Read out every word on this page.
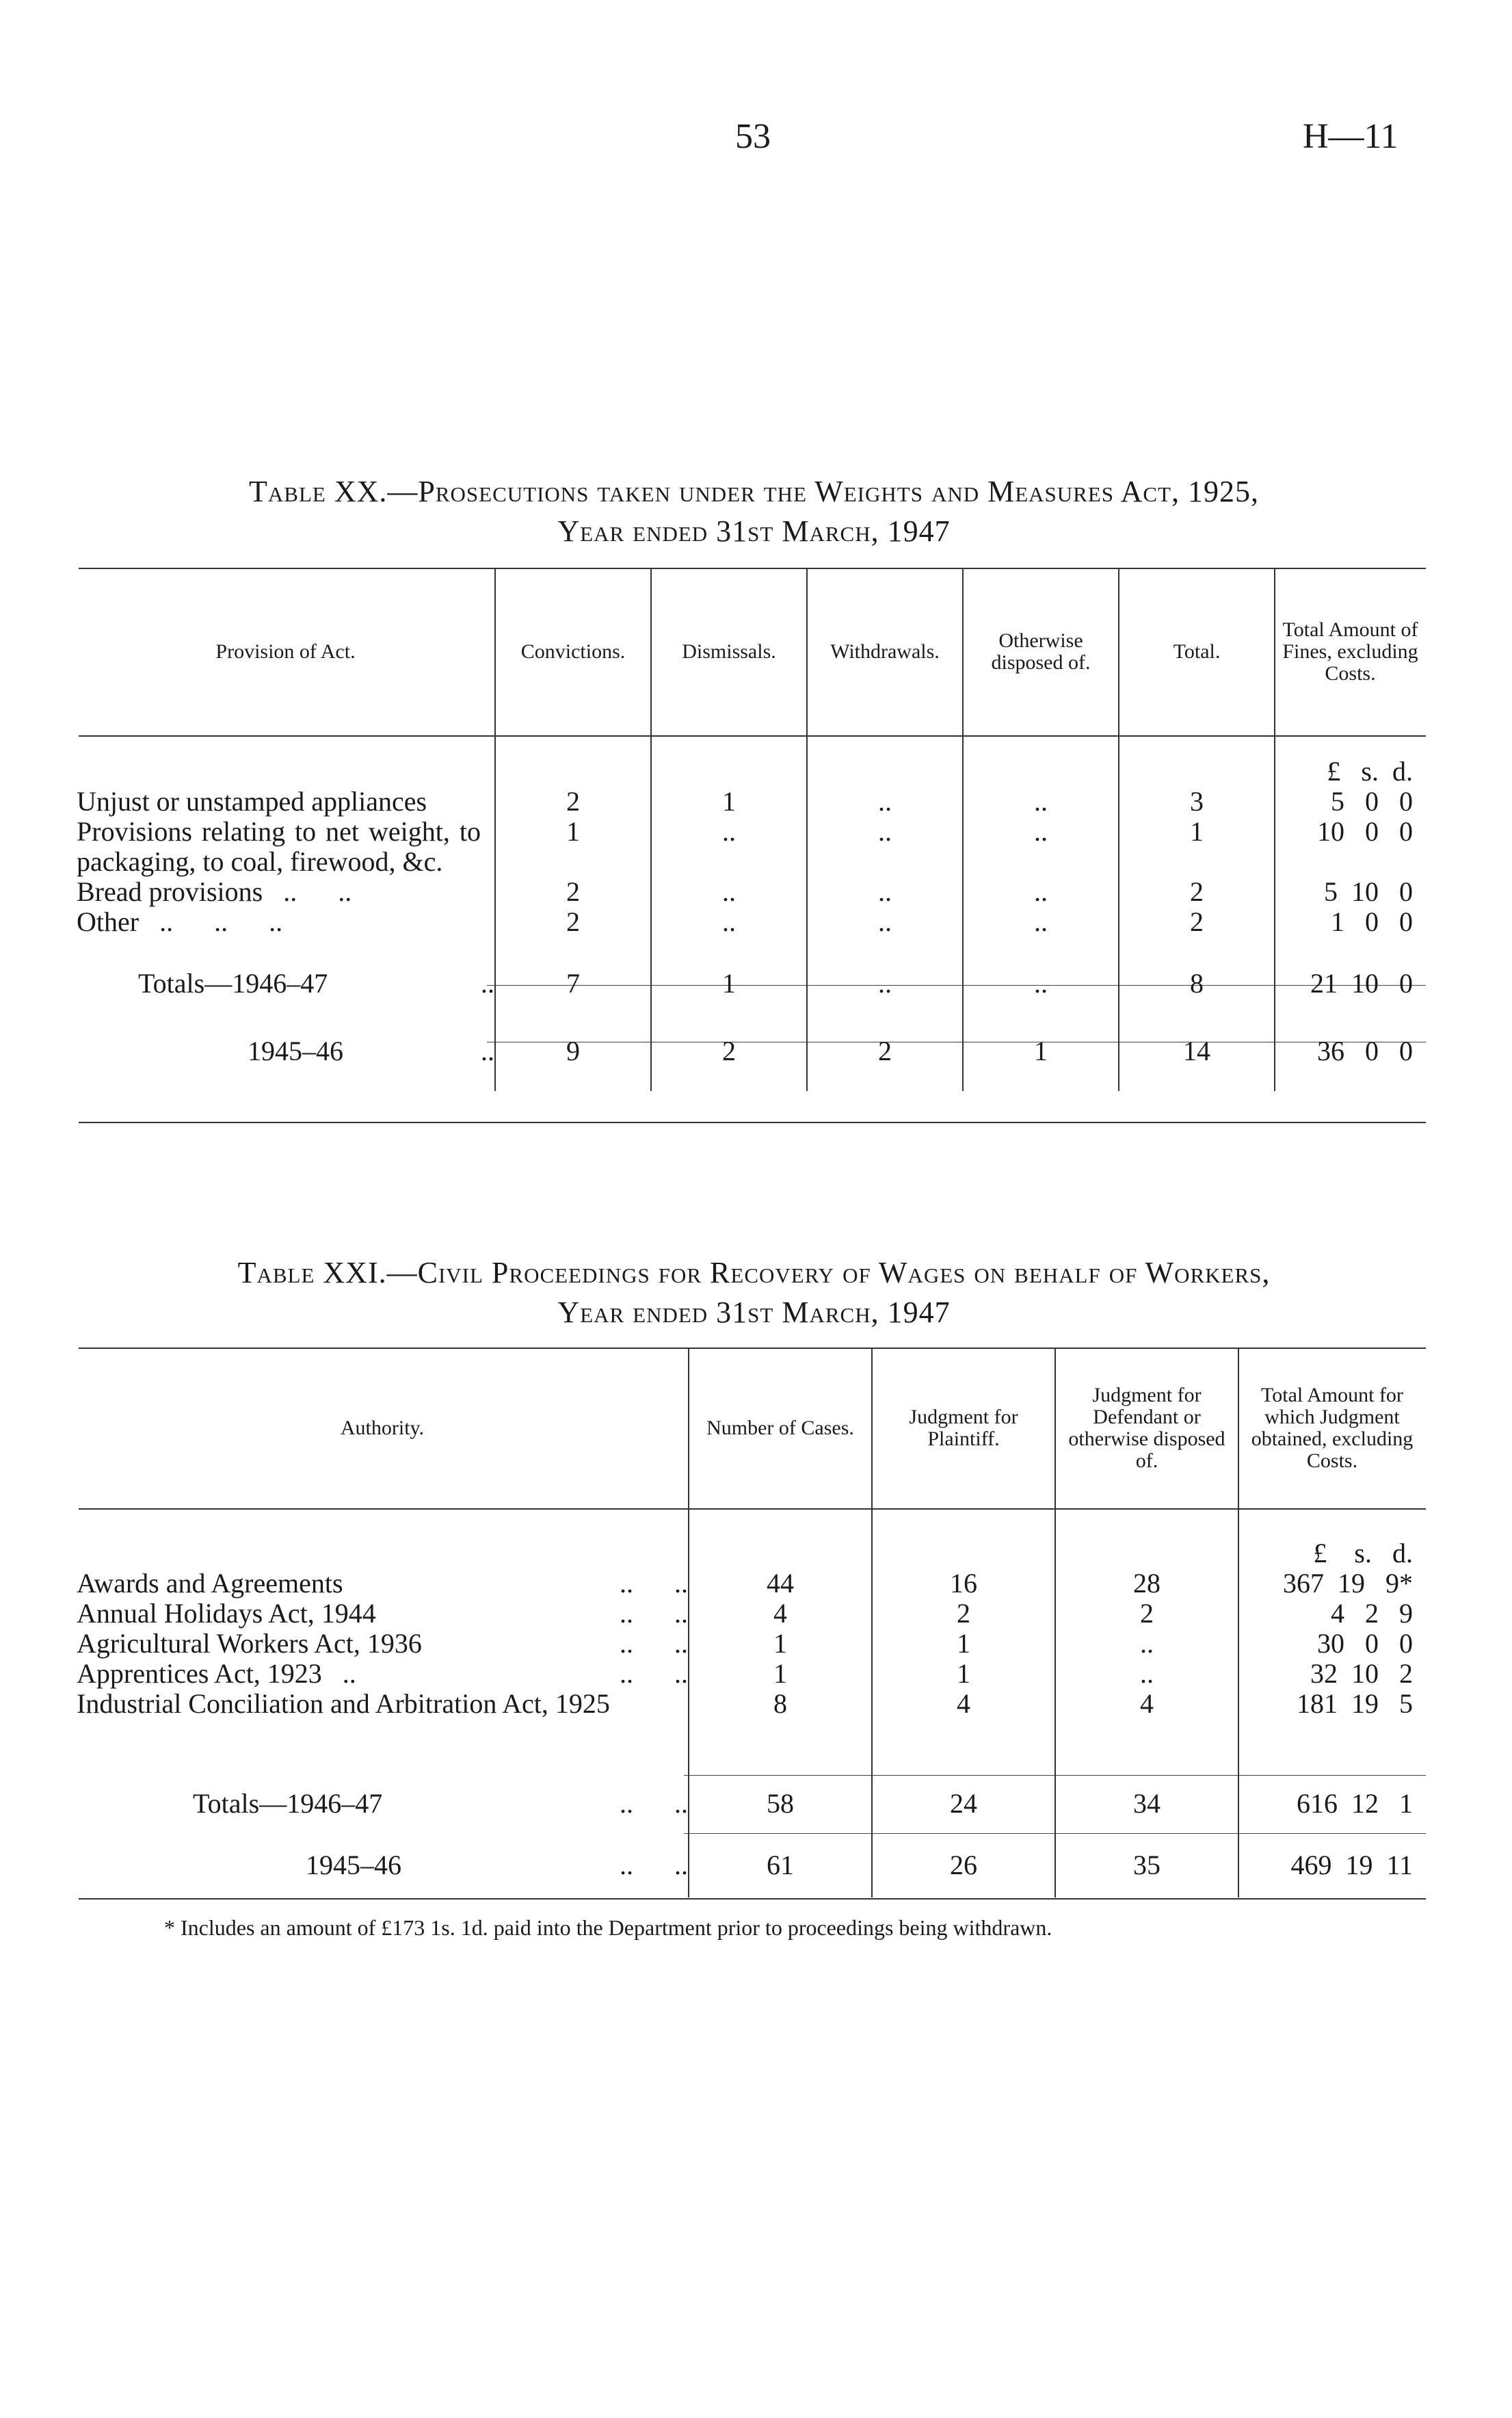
53	H—11
Table XX.—Prosecutions taken under the Weights and Measures Act, 1925,
Year ended 31st March, 1947
Provision of Act.	Convictions.	Dismissals.	Withdrawals.	Otherwise disposed of.	Total.	Total Amount of Fines, excluding Costs.
						£   s.  d.
Unjust or unstamped appliances	2	1	..	..	3	5   0   0
Provisions relating to net weight, to packaging, to coal, firewood, &c.	1	..	..	..	1	10   0   0
Bread provisions   ..      ..	2	..	..	..	2	5  10   0
Other   ..      ..      ..	2	..	..	..	2	1   0   0
Totals—1946–47 ..	7	1	..	..	8	21  10   0
1945–46 ..	9	2	2	1	14	36   0   0
Table XXI.—Civil Proceedings for Recovery of Wages on behalf of Workers,
Year ended 31st March, 1947
Authority.	Number of Cases.	Judgment for Plaintiff.	Judgment for Defendant or otherwise disposed of.	Total Amount for which Judgment obtained, excluding Costs.
				£    s.   d.
Awards and Agreements ..      ..	44	16	28	367  19   9*
Annual Holidays Act, 1944 ..      ..	4	2	2	4   2   9
Agricultural Workers Act, 1936 ..      ..	1	1	..	30   0   0
Apprentices Act, 1923   .. ..      ..	1	1	..	32  10   2
Industrial Conciliation and Arbitration Act, 1925	8	4	4	181  19   5
Totals—1946–47 ..      ..	58	24	34	616  12   1
1945–46 ..      ..	61	26	35	469  19  11
* Includes an amount of £173 1s. 1d. paid into the Department prior to proceedings being withdrawn.
